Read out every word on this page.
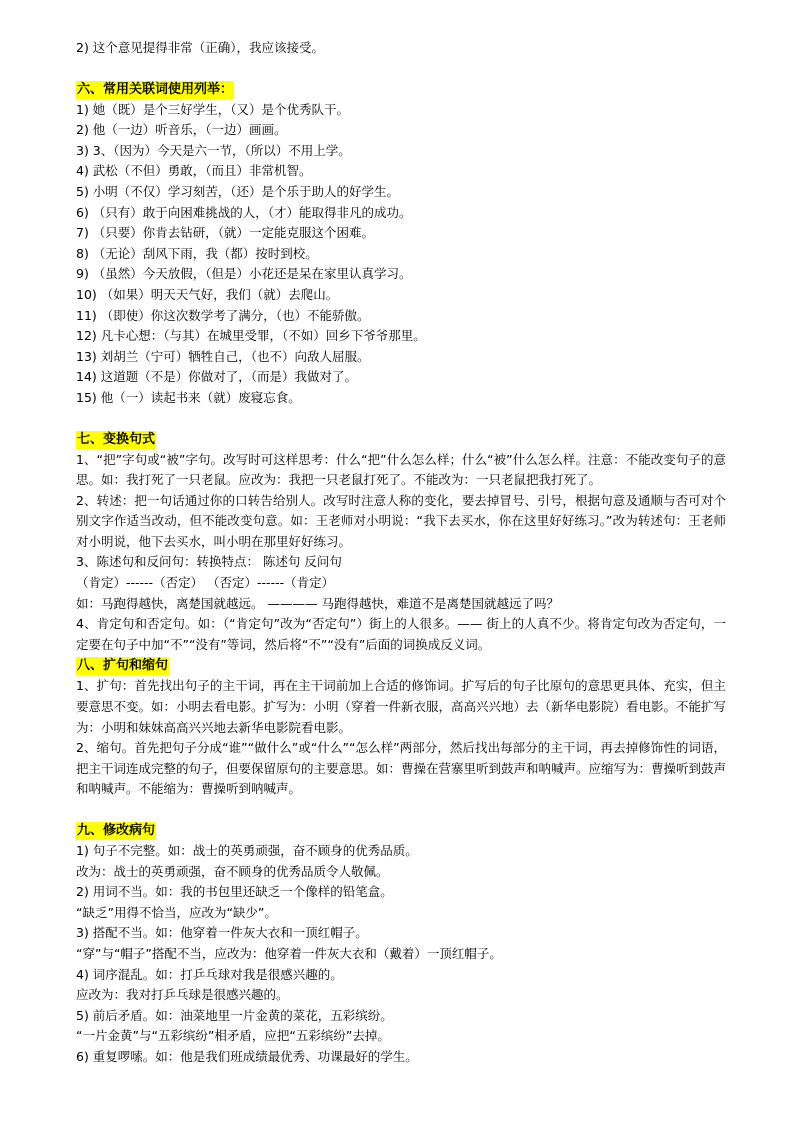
2) 这个意见提得非常（正确），我应该接受。
六、常用关联词使用列举：
1) 她（既）是个三好学生，（又）是个优秀队干。
2) 他（一边）听音乐，（一边）画画。
3) 3、（因为）今天是六一节，（所以）不用上学。
4) 武松（不但）勇敢，（而且）非常机智。
5) 小明（不仅）学习刻苦，（还）是个乐于助人的好学生。
6) （只有）敢于向困难挑战的人，（才）能取得非凡的成功。
7) （只要）你肯去钻研，（就）一定能克服这个困难。
8) （无论）刮风下雨，我（都）按时到校。
9) （虽然）今天放假，（但是）小花还是呆在家里认真学习。
10) （如果）明天天气好，我们（就）去爬山。
11) （即使）你这次数学考了满分，（也）不能骄傲。
12) 凡卡心想：（与其）在城里受罪，（不如）回乡下爷爷那里。
13) 刘胡兰（宁可）牺牲自己，（也不）向敌人屈服。
14) 这道题（不是）你做对了，（而是）我做对了。
15) 他（一）读起书来（就）废寝忘食。
七、变换句式
1、“把”字句或“被”字句。改写时可这样思考：什么“把”什么怎么样；什么“被”什么怎么样。注意：不能改变句子的意思。如：我打死了一只老鼠。应改为：我把一只老鼠打死了。不能改为：一只老鼠把我打死了。
2、转述：把一句话通过你的口转告给别人。改写时注意人称的变化，要去掉冒号、引号，根据句意及通顺与否可对个别文字作适当改动，但不能改变句意。如：王老师对小明说：“我下去买水，你在这里好好练习。”改为转述句：王老师对小明说，他下去买水，叫小明在那里好好练习。
3、陈述句和反问句：转换特点： 陈述句 反问句
（肯定）------（否定） （否定）------（肯定）
如：马跑得越快，离楚国就越远。 ———— 马跑得越快，难道不是离楚国就越远了吗？
4、肯定句和否定句。如：（“肯定句”改为“否定句”）街上的人很多。—— 街上的人真不少。将肯定句改为否定句，一定要在句子中加“不”“没有”等词，然后将“不”“没有”后面的词换成反义词。
八、扩句和缩句
1、扩句：首先找出句子的主干词，再在主干词前加上合适的修饰词。扩写后的句子比原句的意思更具体、充实，但主要意思不变。如：小明去看电影。扩写为：小明（穿着一件新衣服，高高兴兴地）去（新华电影院）看电影。不能扩写为：小明和妹妹高高兴兴地去新华电影院看电影。
2、缩句。首先把句子分成“谁”“做什么”或“什么”“怎么样”两部分，然后找出每部分的主干词，再去掉修饰性的词语，把主干词连成完整的句子，但要保留原句的主要意思。如：曹操在营寨里听到鼓声和呐喊声。应缩写为：曹操听到鼓声和呐喊声。不能缩为：曹操听到呐喊声。
九、修改病句
1) 句子不完整。如：战士的英勇顽强，奋不顾身的优秀品质。
改为：战士的英勇顽强，奋不顾身的优秀品质令人敬佩。
2) 用词不当。如：我的书包里还缺乏一个像样的铅笔盒。
“缺乏”用得不恰当，应改为“缺少”。
3) 搭配不当。如：他穿着一件灰大衣和一顶红帽子。
“穿”与“帽子”搭配不当，应改为：他穿着一件灰大衣和（戴着）一顶红帽子。
4) 词序混乱。如：打乒乓球对我是很感兴趣的。
应改为：我对打乒乓球是很感兴趣的。
5) 前后矛盾。如：油菜地里一片金黄的菜花，五彩缤纷。
“一片金黄”与“五彩缤纷”相矛盾，应把“五彩缤纷”去掉。
6) 重复啰嗦。如：他是我们班成绩最优秀、功课最好的学生。
